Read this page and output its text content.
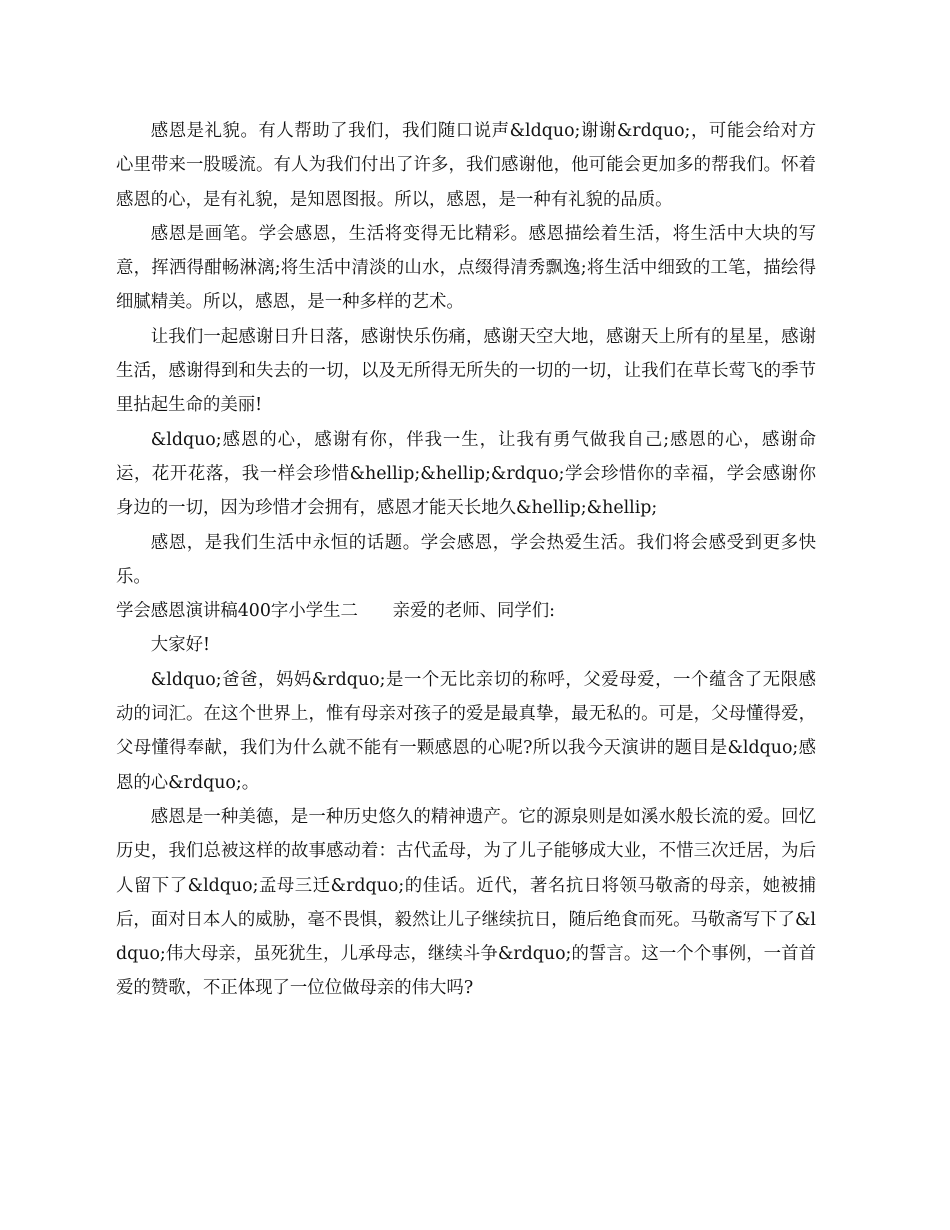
感恩是礼貌。有人帮助了我们，我们随口说声&ldquo;谢谢&rdquo;，可能会给对方心里带来一股暖流。有人为我们付出了许多，我们感谢他，他可能会更加多的帮我们。怀着感恩的心，是有礼貌，是知恩图报。所以，感恩，是一种有礼貌的品质。

感恩是画笔。学会感恩，生活将变得无比精彩。感恩描绘着生活，将生活中大块的写意，挥洒得酣畅淋漓;将生活中清淡的山水，点缀得清秀飘逸;将生活中细致的工笔，描绘得细腻精美。所以，感恩，是一种多样的艺术。

让我们一起感谢日升日落，感谢快乐伤痛，感谢天空大地，感谢天上所有的星星，感谢生活，感谢得到和失去的一切，以及无所得无所失的一切的一切，让我们在草长莺飞的季节里拈起生命的美丽!

&ldquo;感恩的心，感谢有你，伴我一生，让我有勇气做我自己;感恩的心，感谢命运，花开花落，我一样会珍惜&hellip;&hellip;&rdquo;学会珍惜你的幸福，学会感谢你身边的一切，因为珍惜才会拥有，感恩才能天长地久&hellip;&hellip;

感恩，是我们生活中永恒的话题。学会感恩，学会热爱生活。我们将会感受到更多快乐。

学会感恩演讲稿400字小学生二　　亲爱的老师、同学们:

大家好!

&ldquo;爸爸，妈妈&rdquo;是一个无比亲切的称呼，父爱母爱，一个蕴含了无限感动的词汇。在这个世界上，惟有母亲对孩子的爱是最真挚，最无私的。可是，父母懂得爱，父母懂得奉献，我们为什么就不能有一颗感恩的心呢?所以我今天演讲的题目是&ldquo;感恩的心&rdquo;。

感恩是一种美德，是一种历史悠久的精神遗产。它的源泉则是如溪水般长流的爱。回忆历史，我们总被这样的故事感动着：古代孟母，为了儿子能够成大业，不惜三次迁居，为后人留下了&ldquo;孟母三迁&rdquo;的佳话。近代，著名抗日将领马敬斋的母亲，她被捕后，面对日本人的威胁，毫不畏惧，毅然让儿子继续抗日，随后绝食而死。马敬斋写下了&ldquo;伟大母亲，虽死犹生，儿承母志，继续斗争&rdquo;的誓言。这一个个事例，一首首爱的赞歌，不正体现了一位位做母亲的伟大吗?
